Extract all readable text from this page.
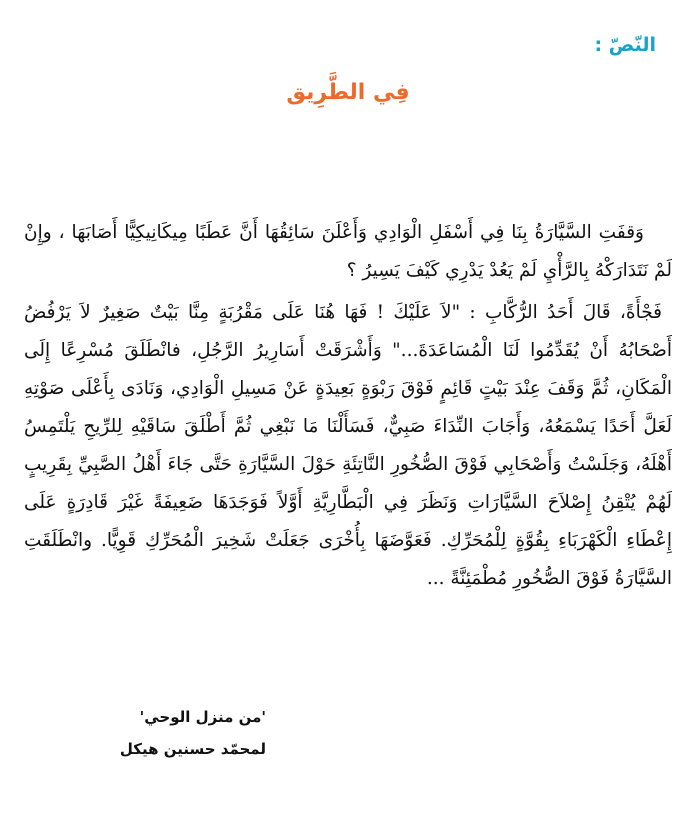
النّصّ :
فِي الطَّرِيق

وَقفَتِ السَّيَّارَةُ بِنَا فِي أَسْفَلِ الْوَادِي وَأَعْلَنَ سَائِقُهَا أَنَّ عَطَبًا مِيكَانِيكِيًّا أَصَابَهَا ، وإِنْ لَمْ نَتَدَارَكْهُ بِالرَّأْيِ لَمْ يَعُدْ يَدْرِي كَيْفَ يَسِيرُ ؟

فَجْأَةً، قَالَ أَحَدُ الرُّكَّابِ : "لاَ عَلَيْكَ ! فَهَا هُنَا عَلَى مَقْرُبَةٍ مِنَّا بَيْتٌ صَغِيرٌ لاَ يَرْفُضُ أَصْحَابُهُ أَنْ يُقَدِّمُوا لَنَا الْمُسَاعَدَةَ..." وَأَشْرَقَتْ أَسَارِيرُ الرَّجُلِ، فانْطَلَقَ مُسْرِعًا إِلَى الْمَكَانِ، ثُمَّ وَقَفَ عِنْدَ بَيْتٍ قَائِمٍ فَوْقَ رَبْوَةٍ بَعِيدَةٍ عَنْ مَسِيلِ الْوَادِي، وَنَادَى بِأَعْلَى صَوْتِهِ لَعَلَّ أَحَدًا يَسْمَعُهُ، وَأَجَابَ النِّدَاءَ صَبِيٌّ، فَسَأَلْنَا مَا نَبْغِي ثُمَّ أَطْلَقَ سَاقَيْهِ لِلرِّيحِ يَلْتَمِسُ أَهْلَهُ، وَجَلَسْتُ وَأَصْحَابِي فَوْقَ الصُّخُورِ النَّاتِئَةِ حَوْلَ السَّيَّارَةِ حَتَّى جَاءَ أَهْلُ الصَّبِيِّ بِقَرِيبٍ لَهُمْ يُتْقِنُ إِصْلاَحَ السَّيَّارَاتِ وَنَظَرَ فِي الْبَطَّارِيَّةِ أَوَّلاً فَوَجَدَهَا ضَعِيفَةً غَيْرَ قَادِرَةٍ عَلَى إِعْطَاءِ الْكَهْرَبَاءِ بِقُوَّةٍ لِلْمُحَرِّكِ. فَعَوَّضَهَا بِأُخْرَى جَعَلَتْ شَخِيرَ الْمُحَرِّكِ قَوِيًّا. وانْطَلَقَتِ السَّيَّارَةُ فَوْقَ الصُّخُورِ مُطْمَئِنَّةً ...

'من منزل الوحي'
لمحمّد حسنين هيكل
